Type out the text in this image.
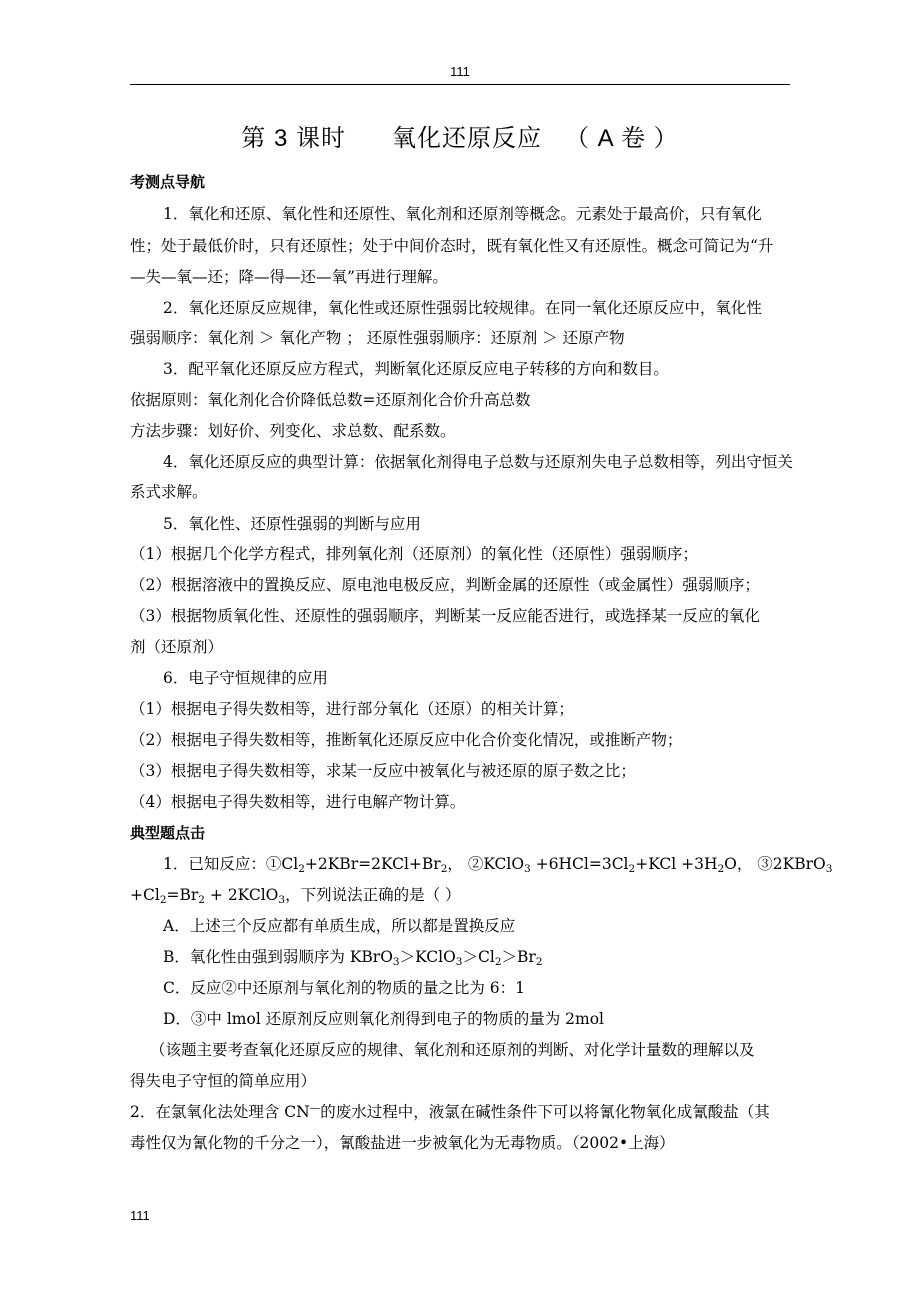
111
第 3 课时      氧化还原反应   （ A 卷 ）
考测点导航
1．氧化和还原、氧化性和还原性、氧化剂和还原剂等概念。元素处于最高价，只有氧化
性；处于最低价时，只有还原性；处于中间价态时，既有氧化性又有还原性。概念可简记为“升
—失—氧—还；降—得—还—氧”再进行理解。
2．氧化还原反应规律，氧化性或还原性强弱比较规律。在同一氧化还原反应中，氧化性
强弱顺序：氧化剂 ＞ 氧化产物 ； 还原性强弱顺序：还原剂 ＞ 还原产物
3．配平氧化还原反应方程式，判断氧化还原反应电子转移的方向和数目。
依据原则：氧化剂化合价降低总数=还原剂化合价升高总数
方法步骤：划好价、列变化、求总数、配系数。
4．氧化还原反应的典型计算：依据氧化剂得电子总数与还原剂失电子总数相等，列出守恒关
系式求解。
5．氧化性、还原性强弱的判断与应用
（1）根据几个化学方程式，排列氧化剂（还原剂）的氧化性（还原性）强弱顺序；
（2）根据溶液中的置换反应、原电池电极反应，判断金属的还原性（或金属性）强弱顺序；
（3）根据物质氧化性、还原性的强弱顺序，判断某一反应能否进行，或选择某一反应的氧化
剂（还原剂）
6．电子守恒规律的应用
（1）根据电子得失数相等，进行部分氧化（还原）的相关计算；
（2）根据电子得失数相等，推断氧化还原反应中化合价变化情况，或推断产物；
（3）根据电子得失数相等，求某一反应中被氧化与被还原的原子数之比；
（4）根据电子得失数相等，进行电解产物计算。
典型题点击
1．已知反应：$①Cl_2+2KBr=2KCl+Br_2$， ②KClO$_3$ $+6HCl=3Cl_2+KCl +3H_2O$， ③2KBrO$_3$
$+Cl_2=Br_2$ + 2KClO$_3$，下列说法正确的是（ ）
A．上述三个反应都有单质生成，所以都是置换反应
B．氧化性由强到弱顺序为 $KBrO_3>KClO_3>Cl_2>Br_2$
C．反应②中还原剂与氧化剂的物质的量之比为 6：1
D．③中 lmol 还原剂反应则氧化剂得到电子的物质的量为 2mol
（该题主要考查氧化还原反应的规律、氧化剂和还原剂的判断、对化学计量数的理解以及
得失电子守恒的简单应用）
2．在氯氧化法处理含 CN—的废水过程中，液氯在碱性条件下可以将氰化物氧化成氰酸盐（其
毒性仅为氰化物的千分之一），氰酸盐进一步被氧化为无毒物质。（2002•上海）
111
